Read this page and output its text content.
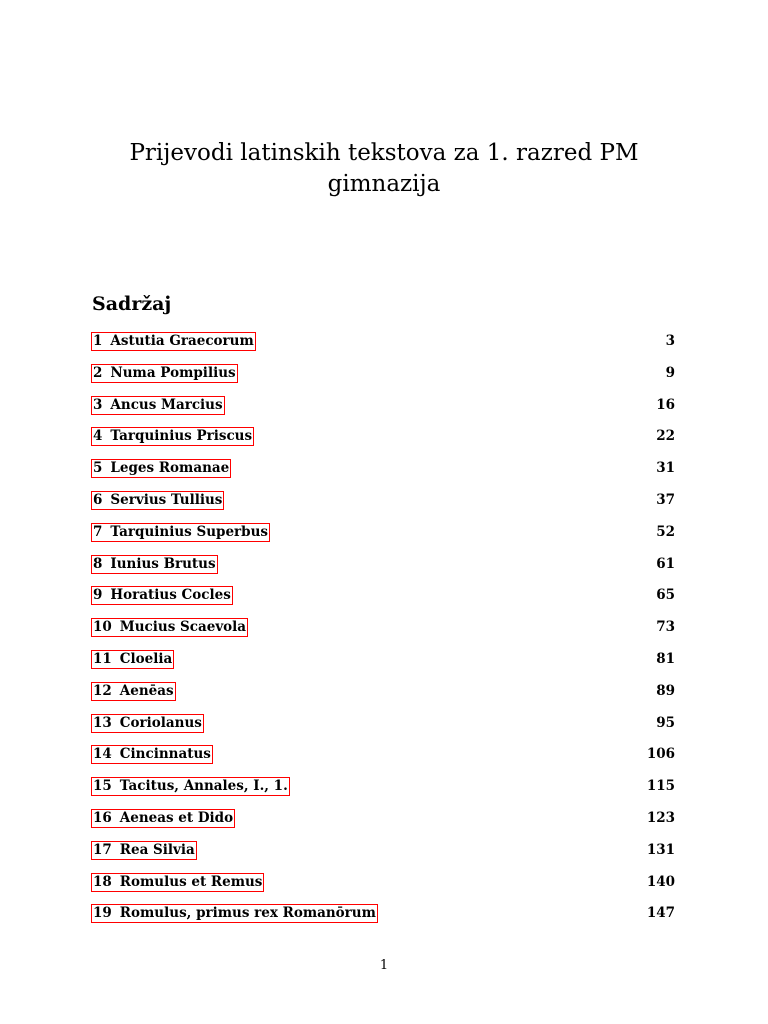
Prijevodi latinskih tekstova za 1. razred PM
gimnazija
Sadržaj
1 Astutia Graecorum	3
2 Numa Pompilius	9
3 Ancus Marcius	16
4 Tarquinius Priscus	22
5 Leges Romanae	31
6 Servius Tullius	37
7 Tarquinius Superbus	52
8 Iunius Brutus	61
9 Horatius Cocles	65
10 Mucius Scaevola	73
11 Cloelia	81
12 Aenēas	89
13 Coriolanus	95
14 Cincinnatus	106
15 Tacitus, Annales, I., 1.	115
16 Aeneas et Dido	123
17 Rea Silvia	131
18 Romulus et Remus	140
19 Romulus, primus rex Romanōrum	147
1
